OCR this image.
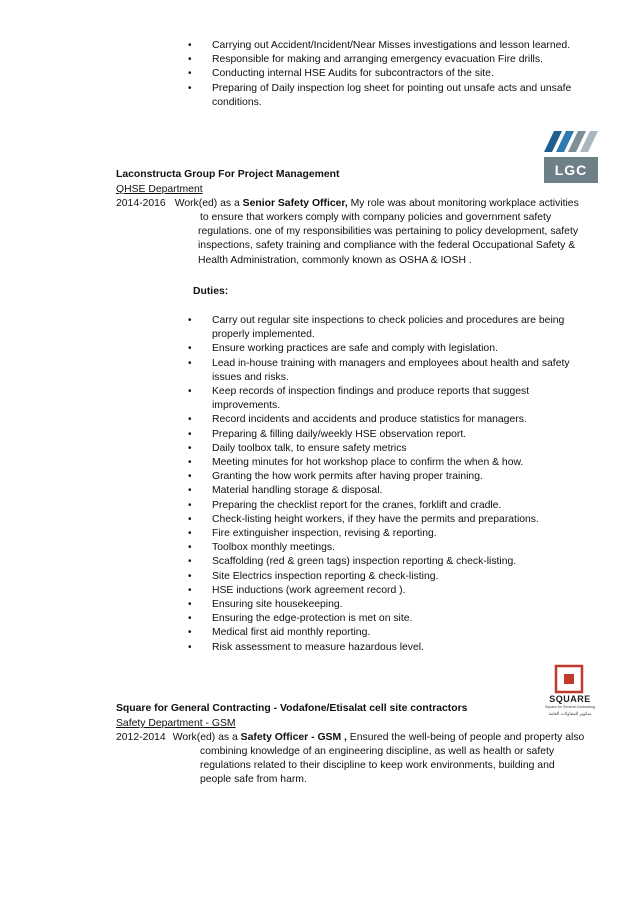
• Carrying out Accident/Incident/Near Misses investigations and lesson learned.
• Responsible for making and arranging emergency evacuation Fire drills.
• Conducting internal HSE Audits for subcontractors of the site.
• Preparing of Daily inspection log sheet for pointing out unsafe acts and unsafe conditions.
LGC
Laconstructa Group For Project Management
QHSE Department
2014-2016 Work(ed) as a Senior Safety Officer, My role was about monitoring workplace activities
to ensure that workers comply with company policies and government safety
regulations. one of my responsibilities was pertaining to policy development, safety
inspections, safety training and compliance with the federal Occupational Safety &
Health Administration, commonly known as OSHA & IOSH .
Duties:
• Carry out regular site inspections to check policies and procedures are being properly implemented.
• Ensure working practices are safe and comply with legislation.
• Lead in-house training with managers and employees about health and safety issues and risks.
• Keep records of inspection findings and produce reports that suggest improvements.
• Record incidents and accidents and produce statistics for managers.
• Preparing & filling daily/weekly HSE observation report.
• Daily toolbox talk, to ensure safety metrics
• Meeting minutes for hot workshop place to confirm the when & how.
• Granting the how work permits after having proper training.
• Material handling storage & disposal.
• Preparing the checklist report for the cranes, forklift and cradle.
• Check-listing height workers, if they have the permits and preparations.
• Fire extinguisher inspection, revising & reporting.
• Toolbox monthly meetings.
• Scaffolding (red & green tags) inspection reporting & check-listing.
• Site Electrics inspection reporting & check-listing.
• HSE inductions (work agreement record ).
• Ensuring site housekeeping.
• Ensuring the edge-protection is met on site.
• Medical first aid monthly reporting.
• Risk assessment to measure hazardous level.
SQUARE
Square for General Contracting
سكوير للمقاولات العامة
Square for General Contracting - Vodafone/Etisalat cell site contractors
Safety Department - GSM
2012-2014 Work(ed) as a Safety Officer - GSM , Ensured the well-being of people and property also
combining knowledge of an engineering discipline, as well as health or safety
regulations related to their discipline to keep work environments, building and
people safe from harm.
